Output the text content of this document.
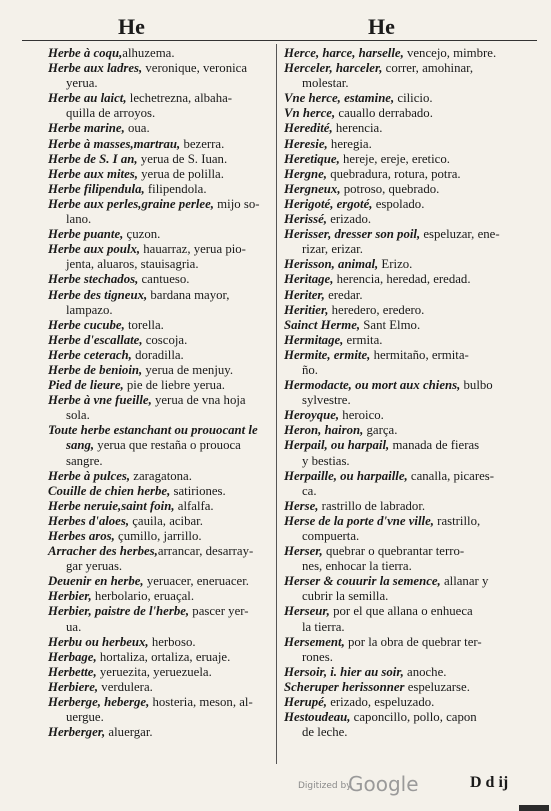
He	He
Herbe à coqu,alhuzema.
Herbe aux ladres, veronique, veronica
yerua.
Herbe au laict, lechetrezna, albaha-
quilla de arroyos.
Herbe marine, oua.
Herbe à masses,martrau, bezerra.
Herbe de S. I an, yerua de S. Iuan.
Herbe aux mites, yerua de polilla.
Herbe filipendula, filipendola.
Herbe aux perles,graine perlee, mijo so-
lano.
Herbe puante, çuzon.
Herbe aux poulx, hauarraz, yerua pio-
jenta, aluaros, stauisagria.
Herbe stechados, cantueso.
Herbe des tigneux, bardana mayor,
lampazo.
Herbe cucube, torella.
Herbe d'escallate, coscoja.
Herbe ceterach, doradilla.
Herbe de benioin, yerua de menjuy.
Pied de lieure, pie de liebre yerua.
Herbe à vne fueille, yerua de vna hoja
sola.
Toute herbe estanchant ou prouocant le
sang, yerua que restaña o prouoca
sangre.
Herbe à pulces, zaragatona.
Couille de chien herbe, satiriones.
Herbe neruie,saint foin, alfalfa.
Herbes d'aloes, çauila, acibar.
Herbes aros, çumillo, jarrillo.
Arracher des herbes,arrancar, desarray-
gar yeruas.
Deuenir en herbe, yeruacer, eneruacer.
Herbier, herbolario, eruaçal.
Herbier, paistre de l'herbe, pascer yer-
ua.
Herbu ou herbeux, herboso.
Herbage, hortaliza, ortaliza, eruaje.
Herbette, yeruezita, yeruezuela.
Herbiere, verdulera.
Herberge, heberge, hosteria, meson, al-
uergue.
Herberger, aluergar.
Herce, harce, harselle, vencejo, mimbre.
Herceler, harceler, correr, amohinar,
molestar.
Vne herce, estamine, cilicio.
Vn herce, cauallo derrabado.
Heredité, herencia.
Heresie, heregia.
Heretique, hereje, ereje, eretico.
Hergne, quebradura, rotura, potra.
Hergneux, potroso, quebrado.
Herigoté, ergoté, espolado.
Herissé, erizado.
Herisser, dresser son poil, espeluzar, ene-
rizar, erizar.
Herisson, animal, Erizo.
Heritage, herencia, heredad, eredad.
Heriter, eredar.
Heritier, heredero, eredero.
Sainct Herme, Sant Elmo.
Hermitage, ermita.
Hermite, ermite, hermitaño, ermita-
ño.
Hermodacte, ou mort aux chiens, bulbo
sylvestre.
Heroyque, heroico.
Heron, hairon, garça.
Herpail, ou harpail, manada de fieras
y bestias.
Herpaille, ou harpaille, canalla, picares-
ca.
Herse, rastrillo de labrador.
Herse de la porte d'vne ville, rastrillo,
compuerta.
Herser, quebrar o quebrantar terro-
nes, enhocar la tierra.
Herser & couurir la semence, allanar y
cubrir la semilla.
Herseur, por el que allana o enhueca
la tierra.
Hersement, por la obra de quebrar ter-
rones.
Hersoir, i. hier au soir, anoche.
Scheruper herissonner espeluzarse.
Herupé, erizado, espeluzado.
Hestoudeau, caponcillo, pollo, capon
de leche.
Digitized by
Google	D d ij
